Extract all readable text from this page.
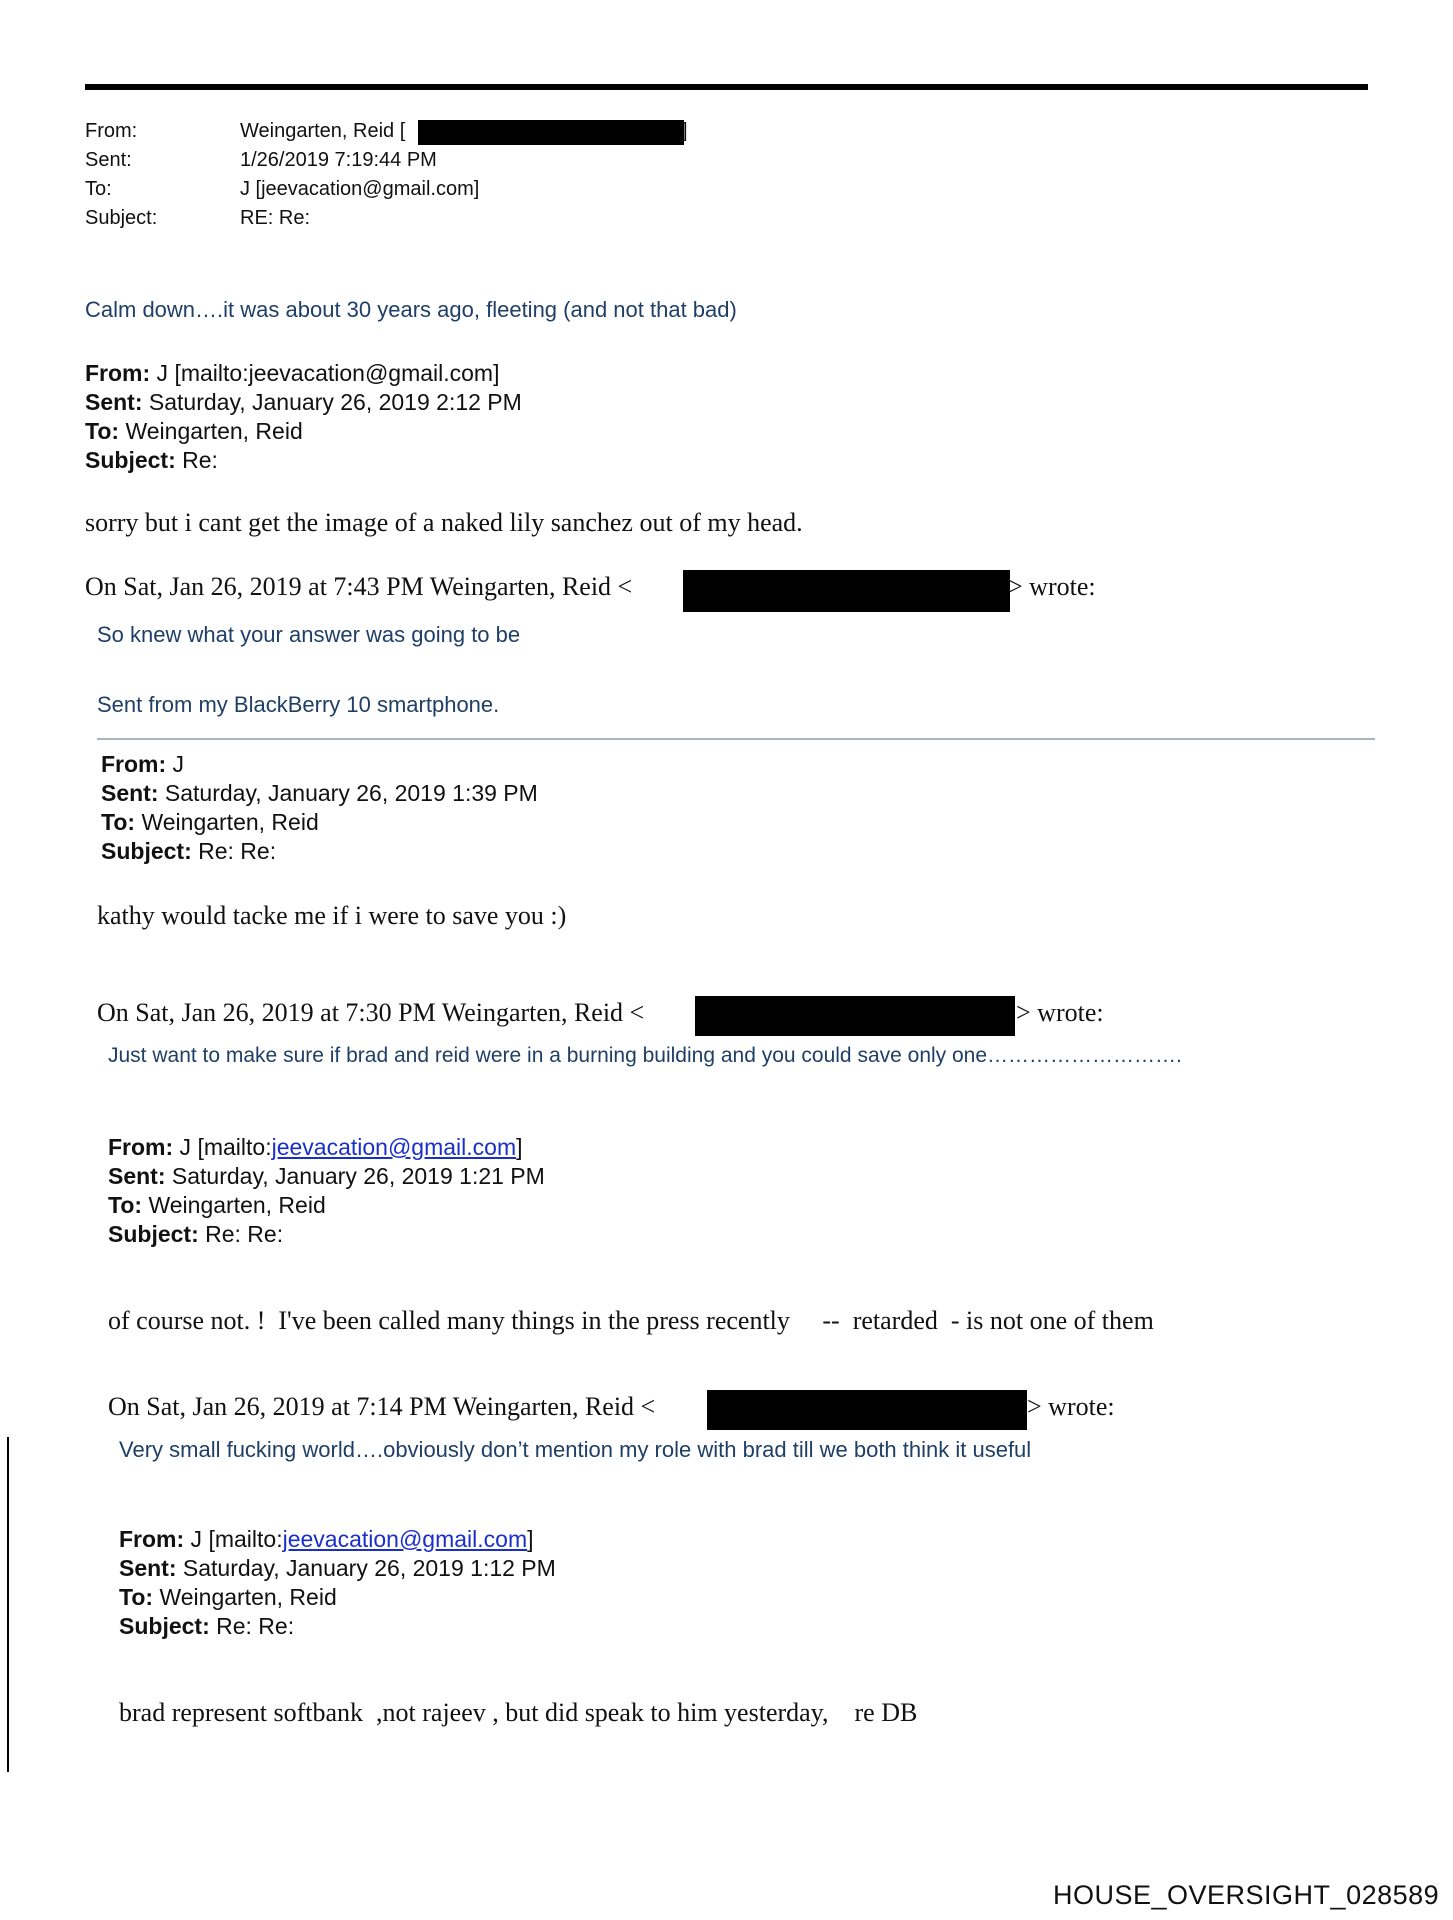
From:	Weingarten, Reid [	]
Sent:	1/26/2019 7:19:44 PM
To:	J [jeevacation@gmail.com]
Subject:	RE: Re:
Calm down….it was about 30 years ago, fleeting (and not that bad)
From: J [mailto:jeevacation@gmail.com]
Sent: Saturday, January 26, 2019 2:12 PM
To: Weingarten, Reid
Subject: Re:
sorry but i cant get the image of a naked lily sanchez out of my head.
On Sat, Jan 26, 2019 at 7:43 PM Weingarten, Reid <	> wrote:
So knew what your answer was going to be
Sent from my BlackBerry 10 smartphone.
From: J
Sent: Saturday, January 26, 2019 1:39 PM
To: Weingarten, Reid
Subject: Re: Re:
kathy would tacke me if i were to save you :)
On Sat, Jan 26, 2019 at 7:30 PM Weingarten, Reid <	> wrote:
Just want to make sure if brad and reid were in a burning building and you could save only one……………………….
From: J [mailto:jeevacation@gmail.com]
Sent: Saturday, January 26, 2019 1:21 PM
To: Weingarten, Reid
Subject: Re: Re:
of course not. !  I've been called many things in the press recently     --  retarded  - is not one of them
On Sat, Jan 26, 2019 at 7:14 PM Weingarten, Reid <	> wrote:
Very small fucking world….obviously don’t mention my role with brad till we both think it useful
From: J [mailto:jeevacation@gmail.com]
Sent: Saturday, January 26, 2019 1:12 PM
To: Weingarten, Reid
Subject: Re: Re:
brad represent softbank  ,not rajeev , but did speak to him yesterday,    re DB
HOUSE_OVERSIGHT_028589
